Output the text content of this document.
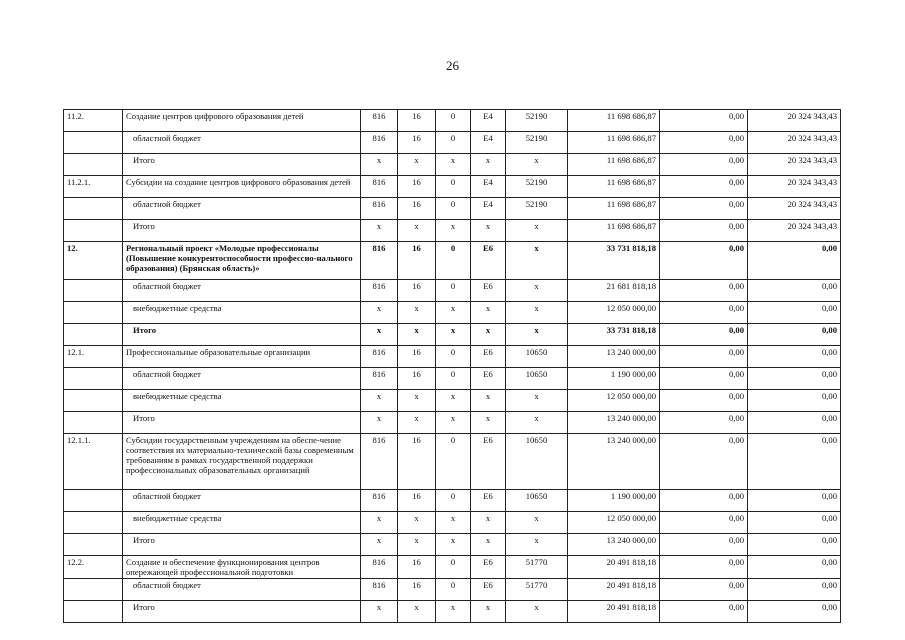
26
11.2.	Создание центров цифрового образования детей	816	16	0	E4	52190	11 698 686,87	0,00	20 324 343,43
	областной бюджет	816	16	0	E4	52190	11 698 686,87	0,00	20 324 343,43
	Итого	x	x	x	x	x	11 698 686,87	0,00	20 324 343,43
11.2.1.	Субсидии на создание центров цифрового образования детей	816	16	0	E4	52190	11 698 686,87	0,00	20 324 343,43
	областной бюджет	816	16	0	E4	52190	11 698 686,87	0,00	20 324 343,43
	Итого	x	x	x	x	x	11 698 686,87	0,00	20 324 343,43
12.	Региональный проект «Молодые профессионалы (Повышение конкурентоспособности профессио-нального образования) (Брянская область)»	816	16	0	E6	x	33 731 818,18	0,00	0,00
	областной бюджет	816	16	0	E6	x	21 681 818,18	0,00	0,00
	внебюджетные средства	x	x	x	x	x	12 050 000,00	0,00	0,00
	Итого	x	x	x	x	x	33 731 818,18	0,00	0,00
12.1.	Профессиональные образовательные организации	816	16	0	E6	10650	13 240 000,00	0,00	0,00
	областной бюджет	816	16	0	E6	10650	1 190 000,00	0,00	0,00
	внебюджетные средства	x	x	x	x	x	12 050 000,00	0,00	0,00
	Итого	x	x	x	x	x	13 240 000,00	0,00	0,00
12.1.1.	Субсидии государственным учреждениям на обеспе-чение соответствия их материально-технической базы современным требованиям в рамках государственной поддержки профессиональных образовательных организаций	816	16	0	E6	10650	13 240 000,00	0,00	0,00
	областной бюджет	816	16	0	E6	10650	1 190 000,00	0,00	0,00
	внебюджетные средства	x	x	x	x	x	12 050 000,00	0,00	0,00
	Итого	x	x	x	x	x	13 240 000,00	0,00	0,00
12.2.	Создание и обеспечение функционирования центров опережающей профессиональной подготовки	816	16	0	E6	51770	20 491 818,18	0,00	0,00
	областной бюджет	816	16	0	E6	51770	20 491 818,18	0,00	0,00
	Итого	x	x	x	x	x	20 491 818,18	0,00	0,00
